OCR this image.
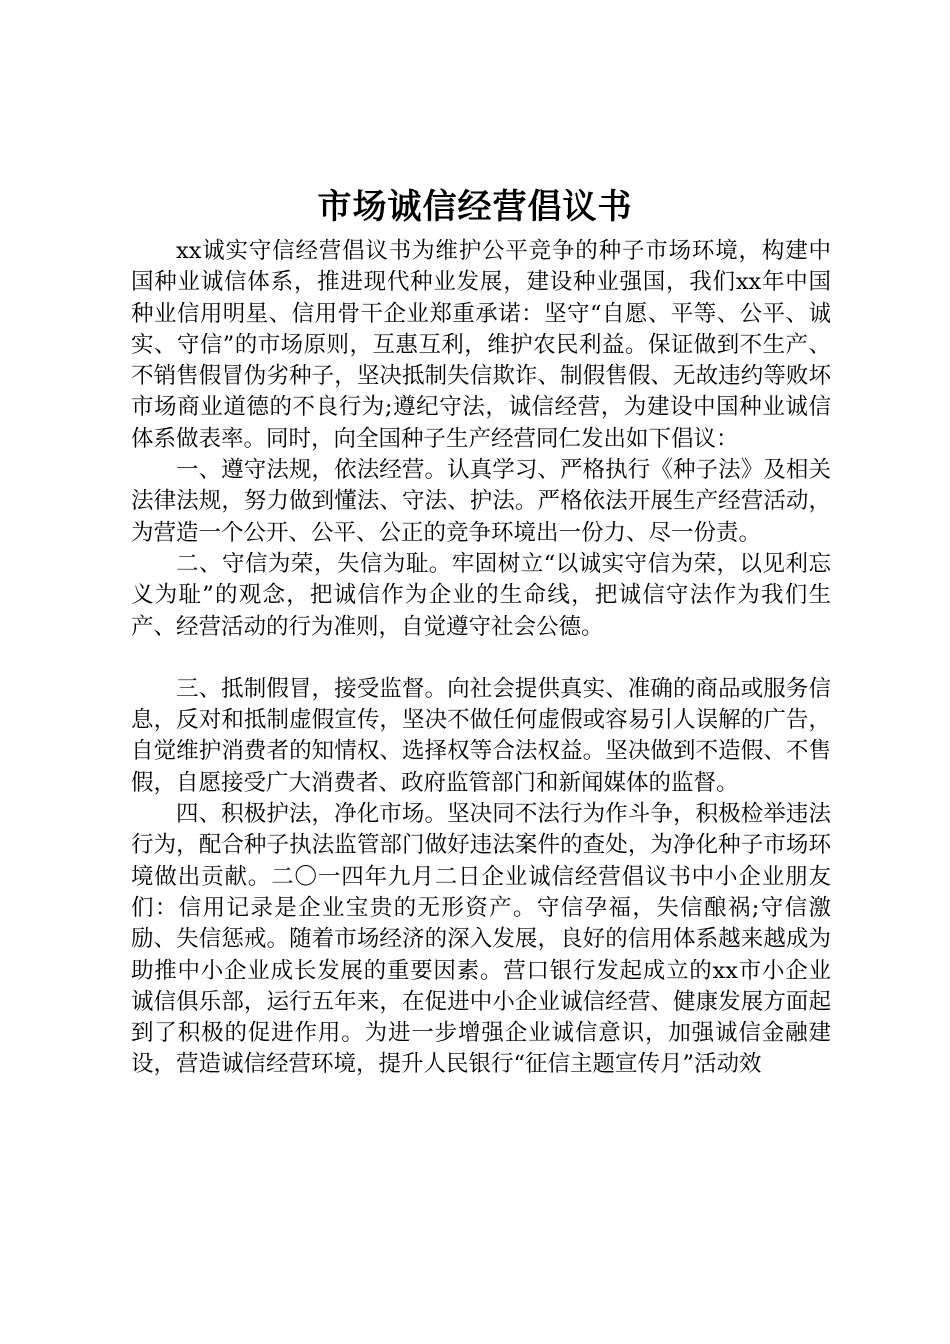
市场诚信经营倡议书

xx诚实守信经营倡议书为维护公平竞争的种子市场环境，构建中国种业诚信体系，推进现代种业发展，建设种业强国，我们xx年中国种业信用明星、信用骨干企业郑重承诺：坚守“自愿、平等、公平、诚实、守信”的市场原则，互惠互利，维护农民利益。保证做到不生产、不销售假冒伪劣种子，坚决抵制失信欺诈、制假售假、无故违约等败坏市场商业道德的不良行为;遵纪守法，诚信经营，为建设中国种业诚信体系做表率。同时，向全国种子生产经营同仁发出如下倡议：

一、遵守法规，依法经营。认真学习、严格执行《种子法》及相关法律法规，努力做到懂法、守法、护法。严格依法开展生产经营活动，为营造一个公开、公平、公正的竞争环境出一份力、尽一份责。

二、守信为荣，失信为耻。牢固树立“以诚实守信为荣，以见利忘义为耻”的观念，把诚信作为企业的生命线，把诚信守法作为我们生产、经营活动的行为准则，自觉遵守社会公德。

三、抵制假冒，接受监督。向社会提供真实、准确的商品或服务信息，反对和抵制虚假宣传，坚决不做任何虚假或容易引人误解的广告，自觉维护消费者的知情权、选择权等合法权益。坚决做到不造假、不售假，自愿接受广大消费者、政府监管部门和新闻媒体的监督。

四、积极护法，净化市场。坚决同不法行为作斗争，积极检举违法行为，配合种子执法监管部门做好违法案件的查处，为净化种子市场环境做出贡献。二〇一四年九月二日企业诚信经营倡议书中小企业朋友们：信用记录是企业宝贵的无形资产。守信孕福，失信酿祸;守信激励、失信惩戒。随着市场经济的深入发展，良好的信用体系越来越成为助推中小企业成长发展的重要因素。营口银行发起成立的xx市小企业诚信俱乐部，运行五年来，在促进中小企业诚信经营、健康发展方面起到了积极的促进作用。为进一步增强企业诚信意识，加强诚信金融建设，营造诚信经营环境，提升人民银行“征信主题宣传月”活动效
